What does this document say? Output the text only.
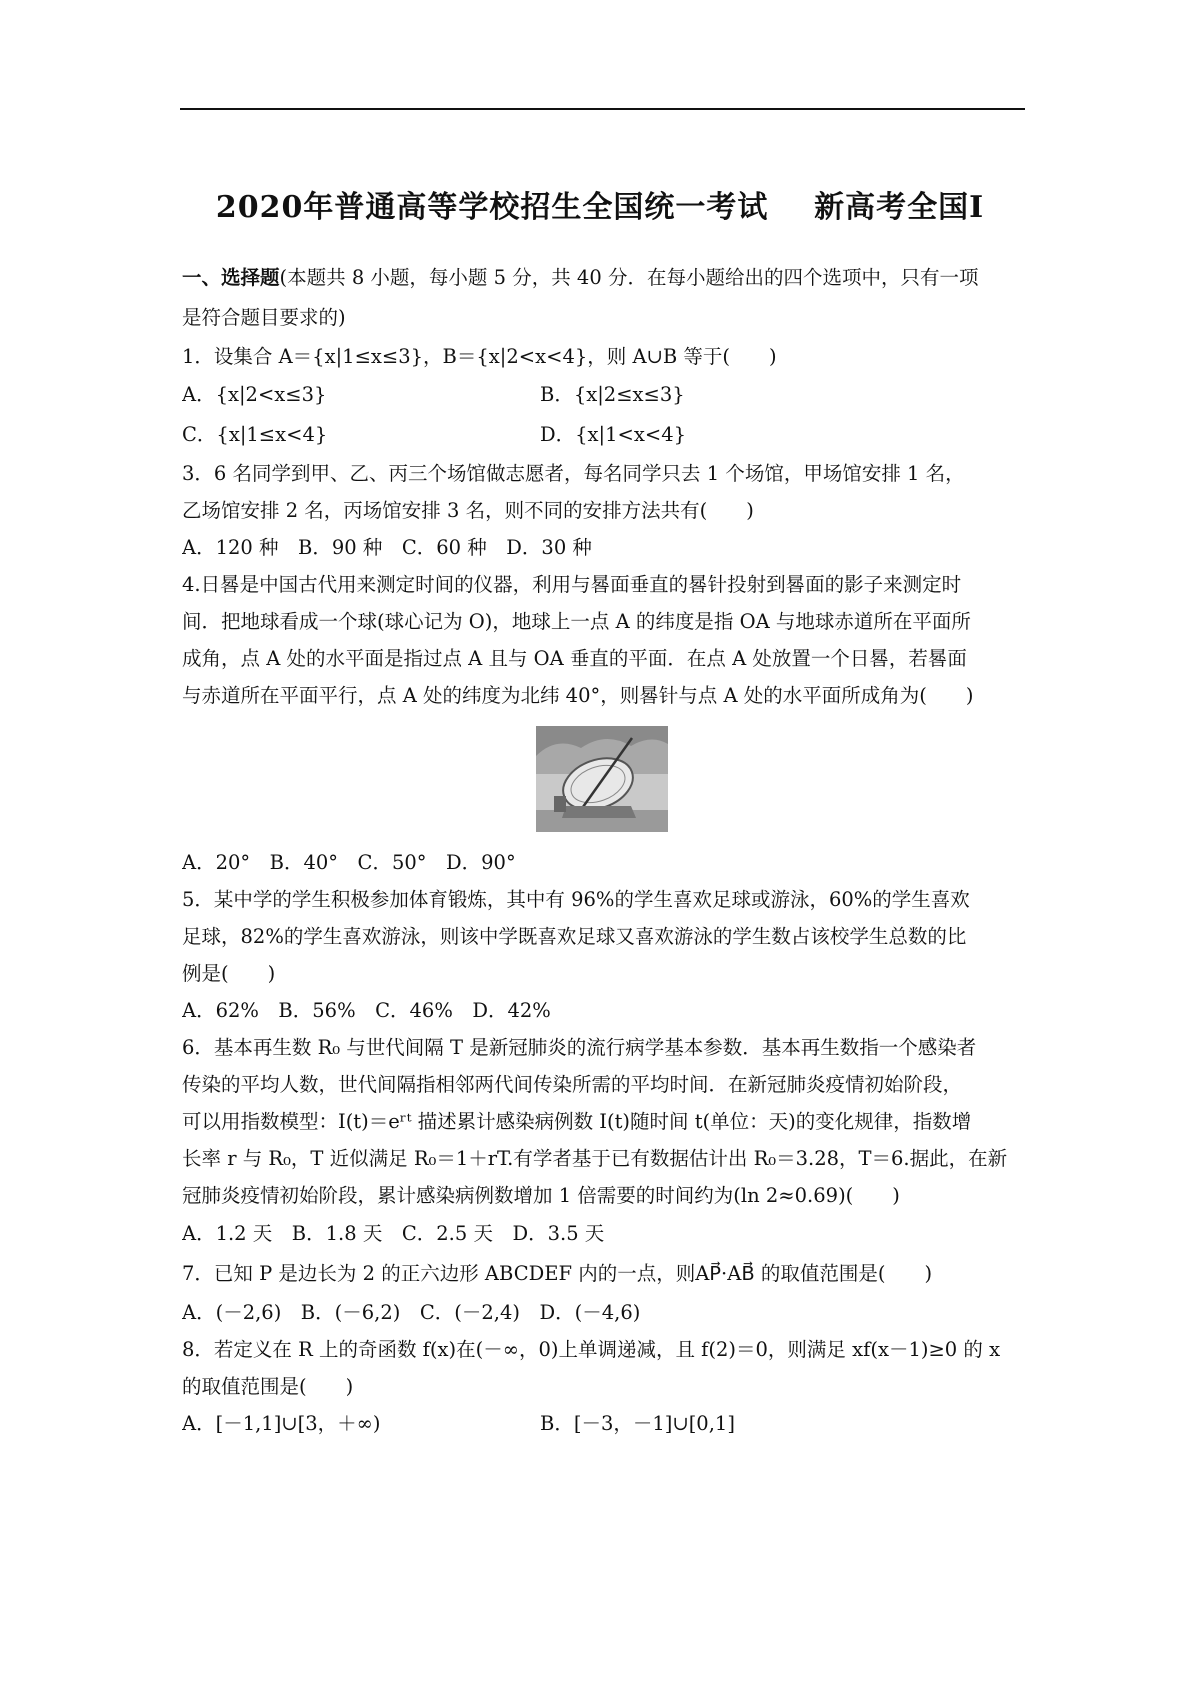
2020年普通高等学校招生全国统一考试    新高考全国Ⅰ
一、选择题(本题共 8 小题，每小题 5 分，共 40 分．在每小题给出的四个选项中，只有一项
是符合题目要求的)
1．设集合 A＝{x|1≤x≤3}，B＝{x|2<x<4}，则 A∪B 等于(　　)
A．{x|2<x≤3}	B．{x|2≤x≤3}
C．{x|1≤x<4}	D．{x|1<x<4}
3．6 名同学到甲、乙、丙三个场馆做志愿者，每名同学只去 1 个场馆，甲场馆安排 1 名，
乙场馆安排 2 名，丙场馆安排 3 名，则不同的安排方法共有(　　)
A．120 种　B．90 种　C．60 种　D．30 种
4.日晷是中国古代用来测定时间的仪器，利用与晷面垂直的晷针投射到晷面的影子来测定时
间．把地球看成一个球(球心记为 O)，地球上一点 A 的纬度是指 OA 与地球赤道所在平面所
成角，点 A 处的水平面是指过点 A 且与 OA 垂直的平面．在点 A 处放置一个日晷，若晷面
与赤道所在平面平行，点 A 处的纬度为北纬 40°，则晷针与点 A 处的水平面所成角为(　　)
A．20°　B．40°　C．50°　D．90°
5．某中学的学生积极参加体育锻炼，其中有 96%的学生喜欢足球或游泳，60%的学生喜欢
足球，82%的学生喜欢游泳，则该中学既喜欢足球又喜欢游泳的学生数占该校学生总数的比
例是(　　)
A．62%　B．56%　C．46%　D．42%
6．基本再生数 R₀ 与世代间隔 T 是新冠肺炎的流行病学基本参数．基本再生数指一个感染者
传染的平均人数，世代间隔指相邻两代间传染所需的平均时间．在新冠肺炎疫情初始阶段，
可以用指数模型：I(t)＝eʳᵗ 描述累计感染病例数 I(t)随时间 t(单位：天)的变化规律，指数增
长率 r 与 R₀，T 近似满足 R₀＝1＋rT.有学者基于已有数据估计出 R₀＝3.28，T＝6.据此，在新
冠肺炎疫情初始阶段，累计感染病例数增加 1 倍需要的时间约为(ln 2≈0.69)(　　)
A．1.2 天　B．1.8 天　C．2.5 天　D．3.5 天
7．已知 P 是边长为 2 的正六边形 ABCDEF 内的一点，则AP⃗·AB⃗ 的取值范围是(　　)
A．(－2,6)　B．(－6,2)　C．(－2,4)　D．(－4,6)
8．若定义在 R 上的奇函数 f(x)在(－∞，0)上单调递减，且 f(2)＝0，则满足 xf(x－1)≥0 的 x
的取值范围是(　　)
A．[－1,1]∪[3，＋∞)	B．[－3，－1]∪[0,1]
